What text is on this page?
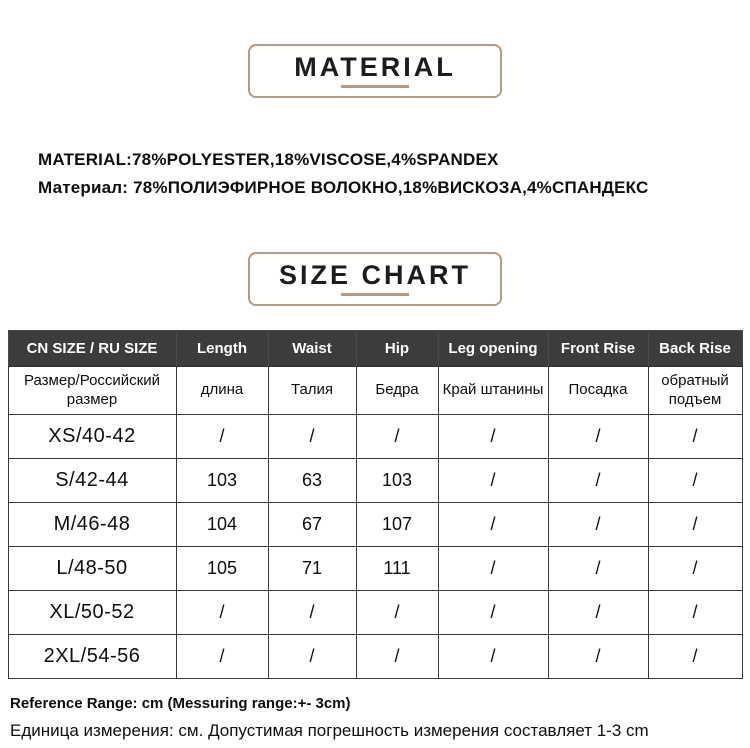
MATERIAL

MATERIAL:78%POLYESTER,18%VISCOSE,4%SPANDEX

Материал: 78%ПОЛИЭФИРНОЕ ВОЛОКНО,18%ВИСКОЗА,4%СПАНДЕКС

SIZE CHART
CN SIZE / RU SIZE	Length	Waist	Hip	Leg opening	Front Rise	Back Rise
Размер/Российский размер	длина	Талия	Бедра	Край штанины	Посадка	обратный подъем
XS/40-42	/	/	/	/	/	/
S/42-44	103	63	103	/	/	/
M/46-48	104	67	107	/	/	/
L/48-50	105	71	111	/	/	/
XL/50-52	/	/	/	/	/	/
2XL/54-56	/	/	/	/	/	/

Reference Range: cm (Messuring range:+- 3cm)

Единица измерения: см. Допустимая погрешность измерения составляет 1-3 cm
